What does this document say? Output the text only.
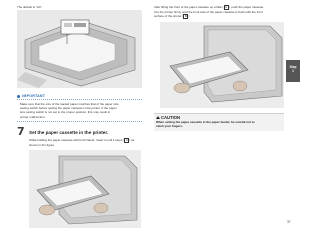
The default is "A4".
IMPORTANT
Make sure that the size of the loaded paper matches that of the paper size
setting switch before setting the paper cassette in the printer. If the paper
size setting switch is not set to the proper position, this may result in
printer malfunction.
7 Set the paper cassette in the printer.
While holding the paper cassette with both hands, insert it until it stops ( A ) as
shown in the figure.
After lifting the front of the paper cassette up a little ( A ), push the paper cassette
into the printer firmly until the front side of the paper cassette is flush with the front
surface of the printer ( B ).
CAUTION
When setting the paper cassette in the paper feeder, be careful not to
catch your fingers.
Step
1
37
